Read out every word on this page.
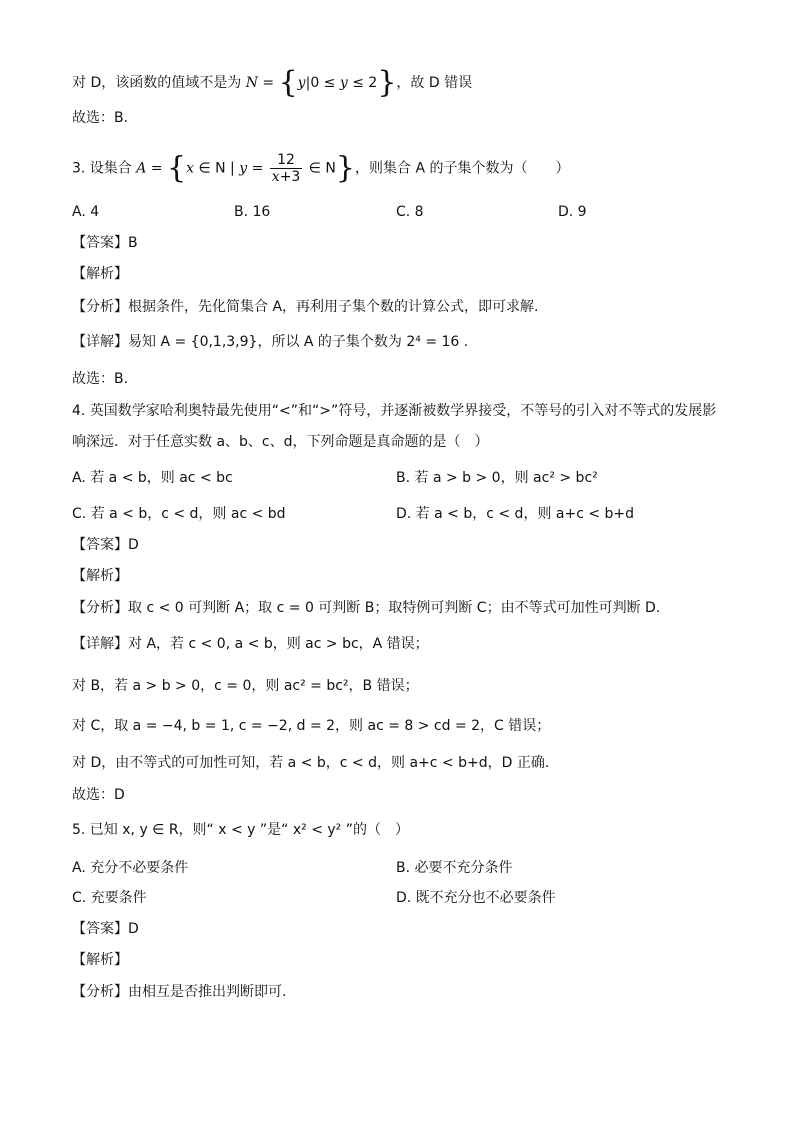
对 D，该函数的值域不是为 N = {y|0 ≤ y ≤ 2}，故 D 错误
故选：B.
3. 设集合 A = {x ∈ N | $y = \frac{12}{x+3}$ ∈ N}，则集合 A 的子集个数为（　　）
A. 4	B. 16	C. 8	D. 9
【答案】B
【解析】
【分析】根据条件，先化简集合 A，再利用子集个数的计算公式，即可求解.
【详解】易知 A = {0,1,3,9}，所以 A 的子集个数为 2⁴ = 16 .
故选：B.
4. 英国数学家哈利奥特最先使用“<”和“>”符号，并逐渐被数学界接受，不等号的引入对不等式的发展影
响深远．对于任意实数 a、b、c、d，下列命题是真命题的是（　）
A. 若 a < b，则 ac < bc	B. 若 a > b > 0，则 ac² > bc²
C. 若 a < b，c < d，则 ac < bd	D. 若 a < b，c < d，则 a+c < b+d
【答案】D
【解析】
【分析】取 c < 0 可判断 A；取 c = 0 可判断 B；取特例可判断 C；由不等式可加性可判断 D.
【详解】对 A，若 c < 0, a < b，则 ac > bc，A 错误；
对 B，若 a > b > 0，c = 0，则 ac² = bc²，B 错误；
对 C，取 a = −4, b = 1, c = −2, d = 2，则 ac = 8 > cd = 2，C 错误；
对 D，由不等式的可加性可知，若 a < b，c < d，则 a+c < b+d，D 正确.
故选：D
5. 已知 x, y ∈ R，则“ x < y ”是“ x² < y² ”的（　）
A. 充分不必要条件	B. 必要不充分条件
C. 充要条件	D. 既不充分也不必要条件
【答案】D
【解析】
【分析】由相互是否推出判断即可.
